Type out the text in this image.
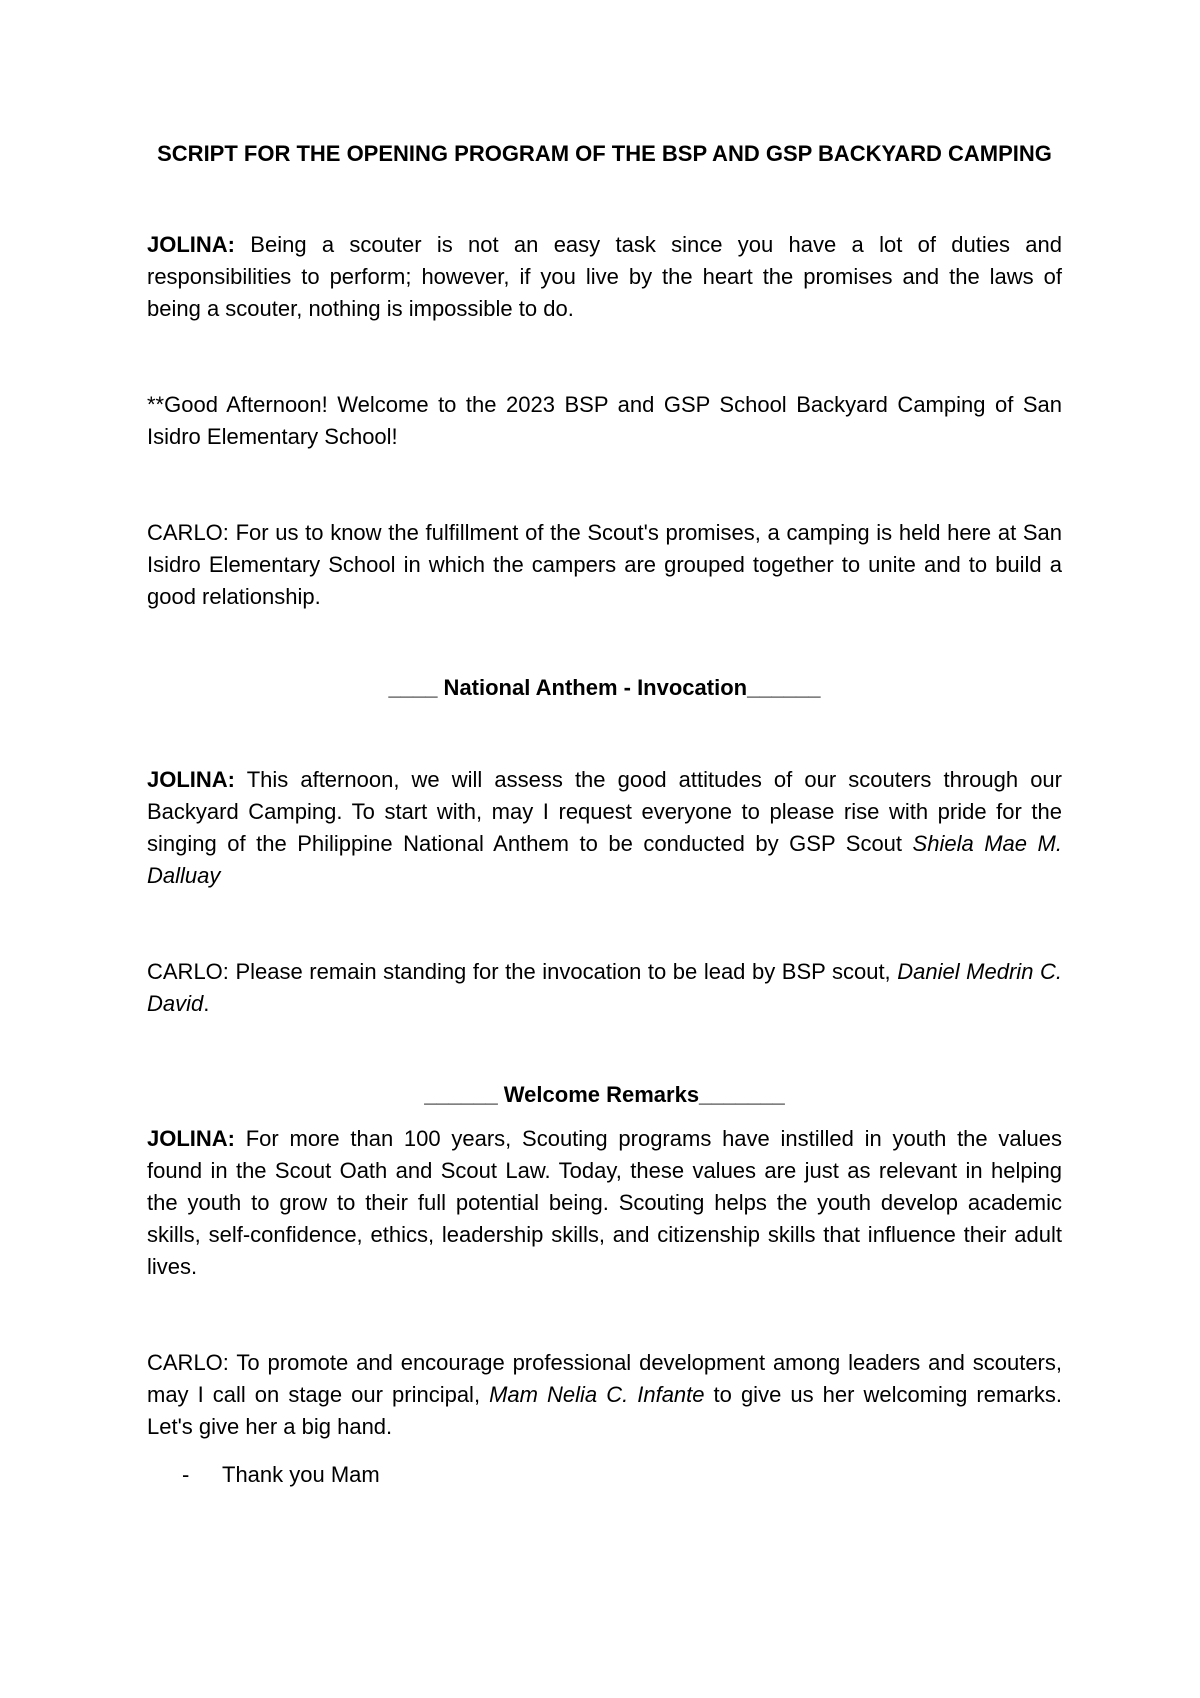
SCRIPT FOR THE OPENING PROGRAM OF THE BSP AND GSP BACKYARD CAMPING

JOLINA: Being a scouter is not an easy task since you have a lot of duties and responsibilities to perform; however, if you live by the heart the promises and the laws of being a scouter, nothing is impossible to do.

**Good Afternoon! Welcome to the 2023 BSP and GSP School Backyard Camping of San Isidro Elementary School!

CARLO: For us to know the fulfillment of the Scout's promises, a camping is held here at San Isidro Elementary School in which the campers are grouped together to unite and to build a good relationship.

____ National Anthem - Invocation______

JOLINA: This afternoon, we will assess the good attitudes of our scouters through our Backyard Camping. To start with, may I request everyone to please rise with pride for the singing of the Philippine National Anthem to be conducted by GSP Scout Shiela Mae M. Dalluay

CARLO: Please remain standing for the invocation to be lead by BSP scout, Daniel Medrin C. David.

______ Welcome Remarks_______

JOLINA: For more than 100 years, Scouting programs have instilled in youth the values found in the Scout Oath and Scout Law. Today, these values are just as relevant in helping the youth to grow to their full potential being. Scouting helps the youth develop academic skills, self-confidence, ethics, leadership skills, and citizenship skills that influence their adult lives.

CARLO: To promote and encourage professional development among leaders and scouters, may I call on stage our principal, Mam Nelia C. Infante to give us her welcoming remarks. Let's give her a big hand.

-	Thank you Mam
